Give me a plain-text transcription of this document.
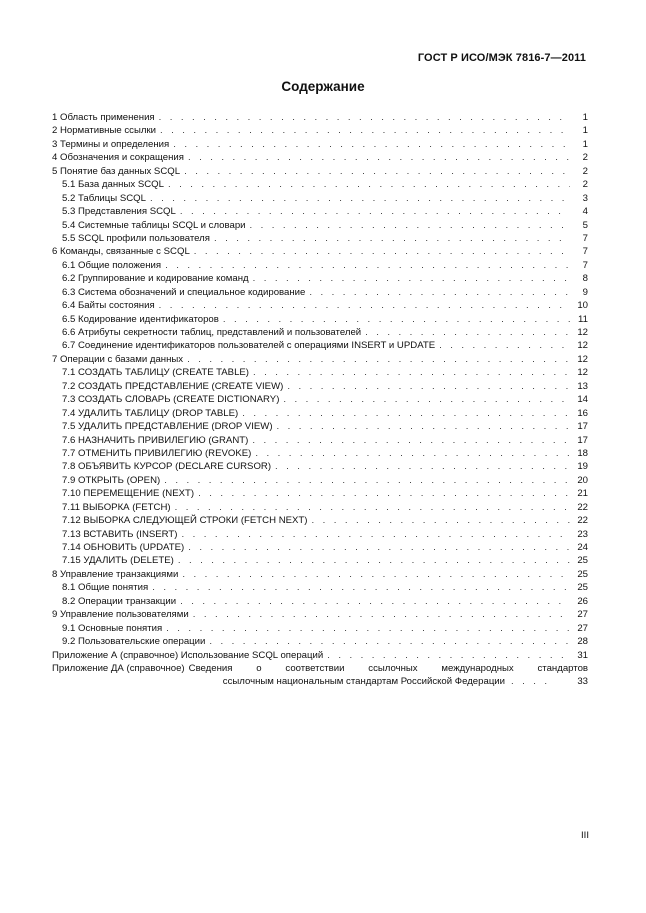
ГОСТ Р ИСО/МЭК 7816-7—2011
Содержание
1 Область применения . . .	1
2 Нормативные ссылки . . .	1
3 Термины и определения . . .	1
4 Обозначения и сокращения . . .	2
5 Понятие баз данных SCQL . . .	2
5.1 База данных SCQL . . .	2
5.2 Таблицы SCQL . . .	3
5.3 Представления SCQL . . .	4
5.4 Системные таблицы SCQL и словари . . .	5
5.5 SCQL профили пользователя . . .	7
6 Команды, связанные с SCQL . . .	7
6.1 Общие положения . . .	7
6.2 Группирование и кодирование команд . . .	8
6.3 Система обозначений и специальное кодирование . . .	9
6.4 Байты состояния . . .	10
6.5 Кодирование идентификаторов . . .	11
6.6 Атрибуты секретности таблиц, представлений и пользователей . . .	12
6.7 Соединение идентификаторов пользователей с операциями INSERT и UPDATE . . .	12
7 Операции с базами данных . . .	12
7.1 СОЗДАТЬ ТАБЛИЦУ (CREATE TABLE) . . .	12
7.2 СОЗДАТЬ ПРЕДСТАВЛЕНИЕ (CREATE VIEW) . . .	13
7.3 СОЗДАТЬ СЛОВАРЬ (CREATE DICTIONARY) . . .	14
7.4 УДАЛИТЬ ТАБЛИЦУ (DROP TABLE) . . .	16
7.5 УДАЛИТЬ ПРЕДСТАВЛЕНИЕ (DROP VIEW) . . .	17
7.6 НАЗНАЧИТЬ ПРИВИЛЕГИЮ (GRANT) . . .	17
7.7 ОТМЕНИТЬ ПРИВИЛЕГИЮ (REVOKE) . . .	18
7.8 ОБЪЯВИТЬ КУРСОР (DECLARE CURSOR) . . .	19
7.9 ОТКРЫТЬ (OPEN) . . .	20
7.10 ПЕРЕМЕЩЕНИЕ (NEXT) . . .	21
7.11 ВЫБОРКА (FETCH) . . .	22
7.12 ВЫБОРКА СЛЕДУЮЩЕЙ СТРОКИ (FETCH NEXT) . . .	22
7.13 ВСТАВИТЬ (INSERT) . . .	23
7.14 ОБНОВИТЬ (UPDATE) . . .	24
7.15 УДАЛИТЬ (DELETE) . . .	25
8 Управление транзакциями . . .	25
8.1 Общие понятия . . .	25
8.2 Операции транзакции . . .	26
9 Управление пользователями . . .	27
9.1 Основные понятия . . .	27
9.2 Пользовательские операции . . .	28
Приложение А (справочное) Использование SCQL операций . . .	31
Приложение ДА (справочное) Сведения о соответствии ссылочных международных стандартов
ссылочным национальным стандартам Российской Федерации . . . .	33
III
